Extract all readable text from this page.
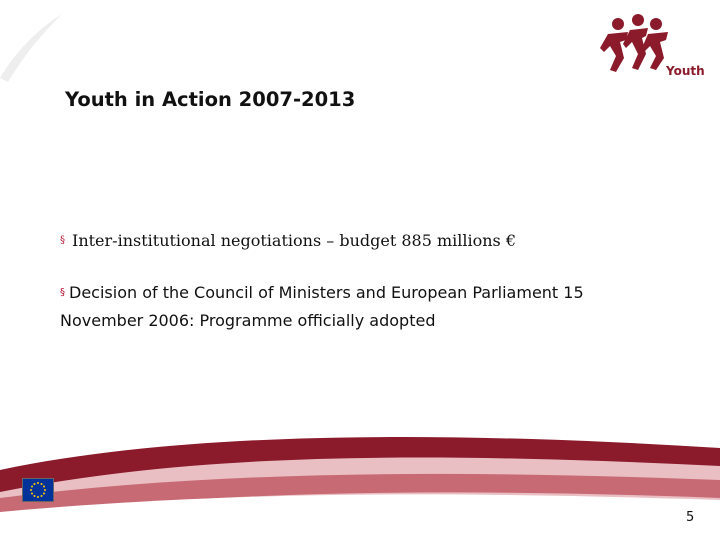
Youth
Youth in Action 2007-2013
§ Inter-institutional negotiations – budget 885 millions €
§ Decision of the Council of Ministers and European Parliament 15 November 2006: Programme officially adopted
5
